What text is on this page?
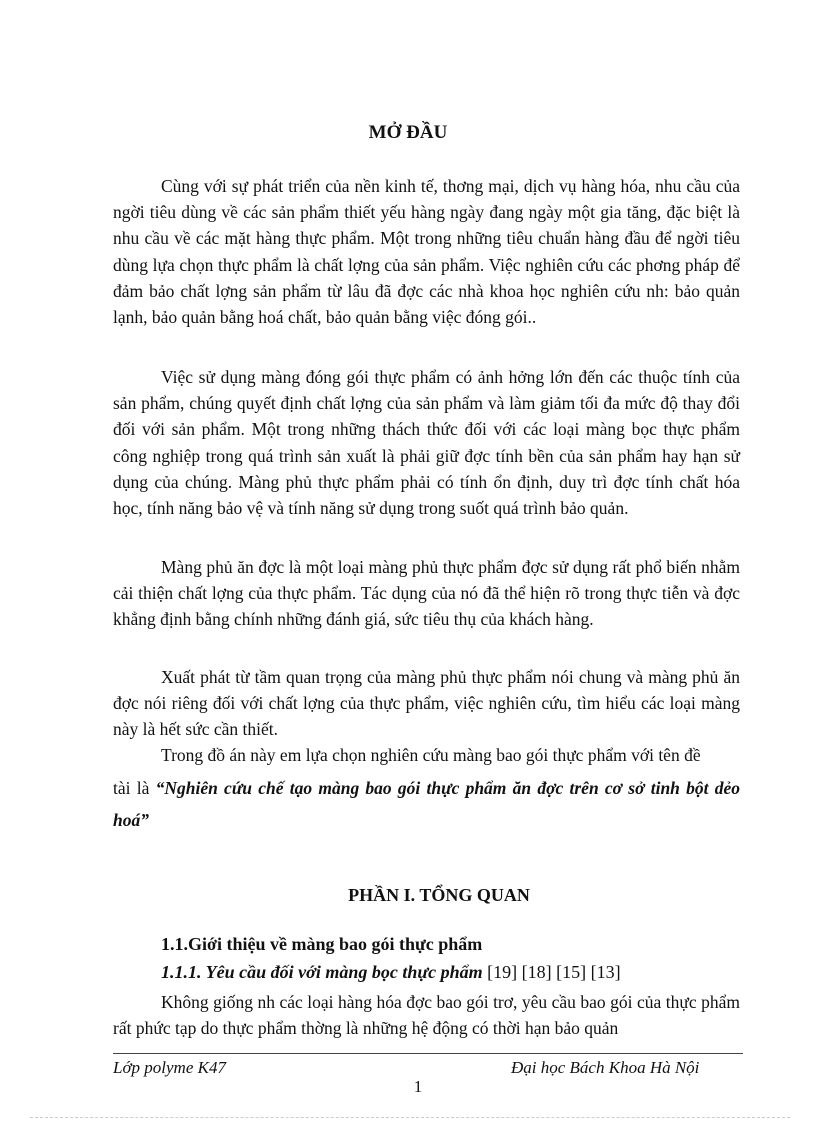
MỞ ĐẦU

Cùng với sự phát triển của nền kinh tế, thơng mại, dịch vụ hàng hóa, nhu cầu của ngời tiêu dùng về các sản phẩm thiết yếu hàng ngày đang ngày một gia tăng, đặc biệt là nhu cầu về các mặt hàng thực phẩm. Một trong những tiêu chuẩn hàng đầu để ngời tiêu dùng lựa chọn thực phẩm là chất lợng của sản phẩm. Việc nghiên cứu các phơng pháp để đảm bảo chất lợng sản phẩm từ lâu đã đợc các nhà khoa học nghiên cứu nh: bảo quản lạnh, bảo quản bằng hoá chất, bảo quản bằng việc đóng gói..

Việc sử dụng màng đóng gói thực phẩm có ảnh hởng lớn đến các thuộc tính của sản phẩm, chúng quyết định chất lợng của sản phẩm và làm giảm tối đa mức độ thay đổi đối với sản phẩm. Một trong những thách thức đối với các loại màng bọc thực phẩm công nghiệp trong quá trình sản xuất là phải giữ đợc tính bền của sản phẩm hay hạn sử dụng của chúng. Màng phủ thực phẩm phải có tính ổn định, duy trì đợc tính chất hóa học, tính năng bảo vệ và tính năng sử dụng trong suốt quá trình bảo quản.

Màng phủ ăn đợc là một loại màng phủ thực phẩm đợc sử dụng rất phổ biến nhằm cải thiện chất lợng của thực phẩm. Tác dụng của nó đã thể hiện rõ trong thực tiễn và đợc khẳng định bằng chính những đánh giá, sức tiêu thụ của khách hàng.

Xuất phát từ tầm quan trọng của màng phủ thực phẩm nói chung và màng phủ ăn đợc nói riêng đối với chất lợng của thực phẩm, việc nghiên cứu, tìm hiểu các loại màng này là hết sức cần thiết.

Trong đồ án này em lựa chọn nghiên cứu màng bao gói thực phẩm với tên đề

tài là “Nghiên cứu chế tạo màng bao gói thực phẩm ăn đợc trên cơ sở tinh bột dẻo hoá”

PHẦN I. TỔNG QUAN
1.1.Giới thiệu về màng bao gói thực phẩm
1.1.1. Yêu cầu đối với màng bọc thực phẩm [19] [18] [15] [13]

Không giống nh các loại hàng hóa đợc bao gói trơ, yêu cầu bao gói của thực phẩm rất phức tạp do thực phẩm thờng là những hệ động có thời hạn bảo quản

Lớp polyme K47	Đại học Bách Khoa Hà Nội
1
